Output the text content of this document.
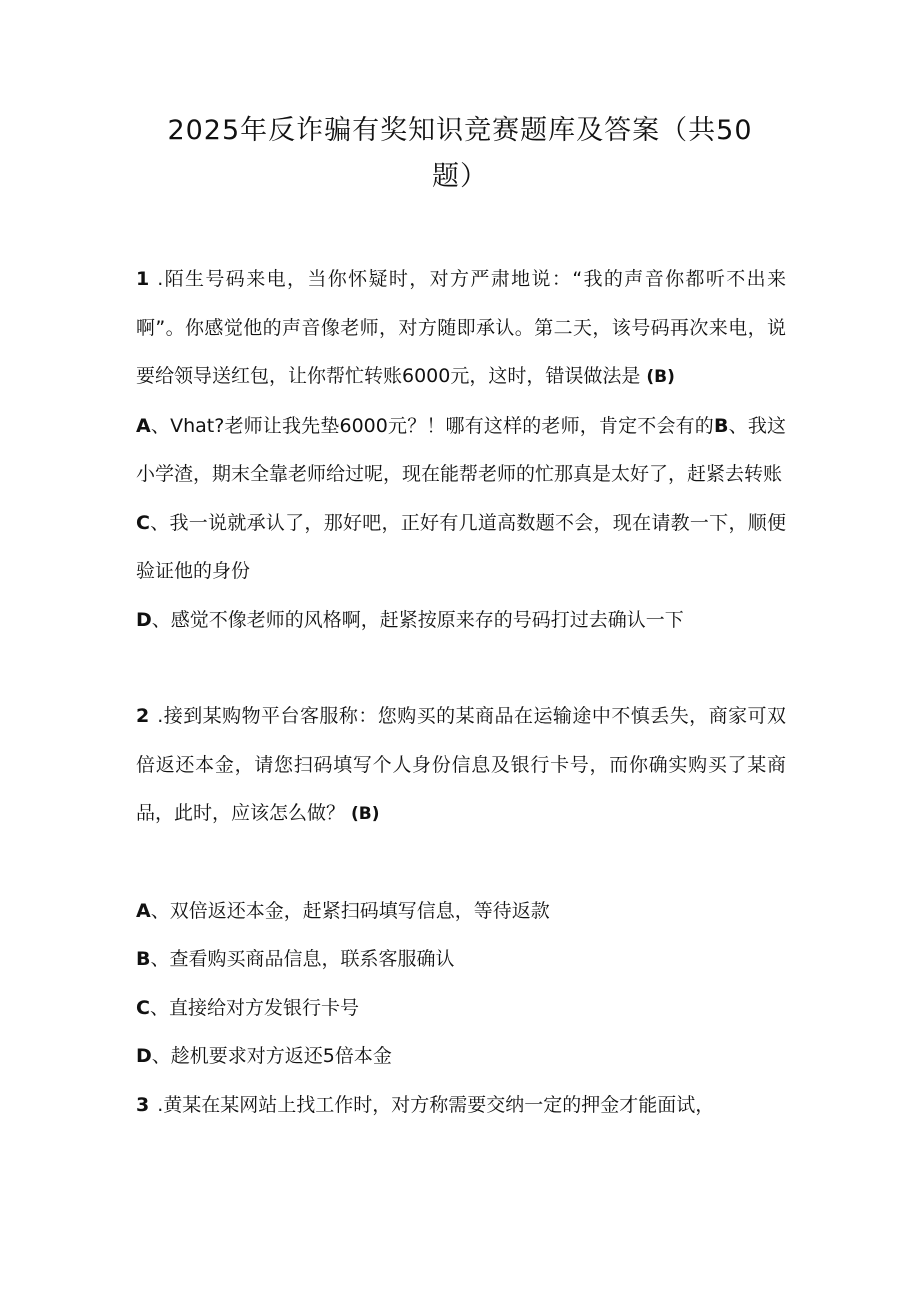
2025年反诈骗有奖知识竞赛题库及答案（共50
题）

1 .陌生号码来电，当你怀疑时，对方严肃地说：“我的声音你都听不出来啊”。你感觉他的声音像老师，对方随即承认。第二天，该号码再次来电，说要给领导送红包，让你帮忙转账6000元，这时，错误做法是 (B)

A、Vhat?老师让我先垫6000元？！哪有这样的老师，肯定不会有的B、我这小学渣，期末全靠老师给过呢，现在能帮老师的忙那真是太好了，赶紧去转账

C、我一说就承认了，那好吧，正好有几道高数题不会，现在请教一下，顺便验证他的身份

D、感觉不像老师的风格啊，赶紧按原来存的号码打过去确认一下

2 .接到某购物平台客服称：您购买的某商品在运输途中不慎丢失，商家可双倍返还本金，请您扫码填写个人身份信息及银行卡号，而你确实购买了某商品，此时，应该怎么做？ (B)

A、双倍返还本金，赶紧扫码填写信息，等待返款

B、查看购买商品信息，联系客服确认

C、直接给对方发银行卡号

D、趁机要求对方返还5倍本金

3 .黄某在某网站上找工作时，对方称需要交纳一定的押金才能面试，
